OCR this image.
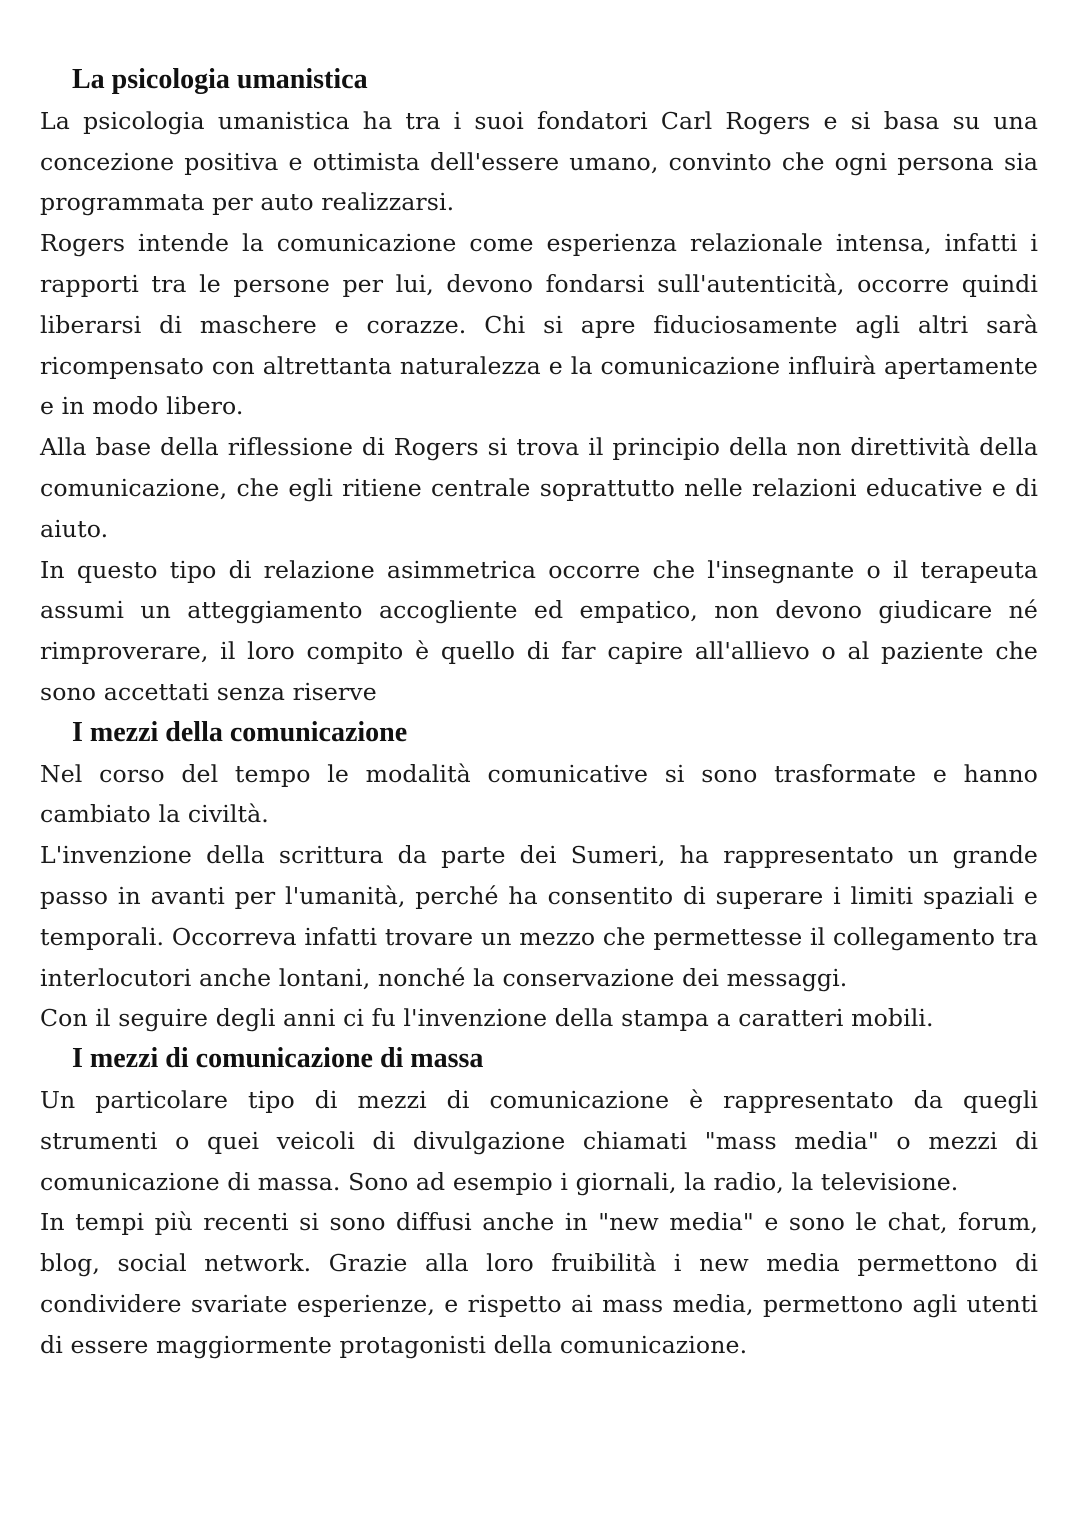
La psicologia umanistica

La psicologia umanistica ha tra i suoi fondatori Carl Rogers e si basa su una concezione positiva e ottimista dell'essere umano, convinto che ogni persona sia programmata per auto realizzarsi.

Rogers intende la comunicazione come esperienza relazionale intensa, infatti i rapporti tra le persone per lui, devono fondarsi sull'autenticità, occorre quindi liberarsi di maschere e corazze. Chi si apre fiduciosamente agli altri sarà ricompensato con altrettanta naturalezza e la comunicazione influirà apertamente e in modo libero.

Alla base della riflessione di Rogers si trova il principio della non direttività della comunicazione, che egli ritiene centrale soprattutto nelle relazioni educative e di aiuto.

In questo tipo di relazione asimmetrica occorre che l'insegnante o il terapeuta assumi un atteggiamento accogliente ed empatico, non devono giudicare né rimproverare, il loro compito è quello di far capire all'allievo o al paziente che sono accettati senza riserve

I mezzi della comunicazione

Nel corso del tempo le modalità comunicative si sono trasformate e hanno cambiato la civiltà.

L'invenzione della scrittura da parte dei Sumeri, ha rappresentato un grande passo in avanti per l'umanità, perché ha consentito di superare i limiti spaziali e temporali. Occorreva infatti trovare un mezzo che permettesse il collegamento tra interlocutori anche lontani, nonché la conservazione dei messaggi.

Con il seguire degli anni ci fu l'invenzione della stampa a caratteri mobili.

I mezzi di comunicazione di massa

Un particolare tipo di mezzi di comunicazione è rappresentato da quegli strumenti o quei veicoli di divulgazione chiamati "mass media" o mezzi di comunicazione di massa. Sono ad esempio i giornali, la radio, la televisione.

In tempi più recenti si sono diffusi anche in "new media" e sono le chat, forum, blog, social network. Grazie alla loro fruibilità i new media permettono di condividere svariate esperienze, e rispetto ai mass media, permettono agli utenti di essere maggiormente protagonisti della comunicazione.
